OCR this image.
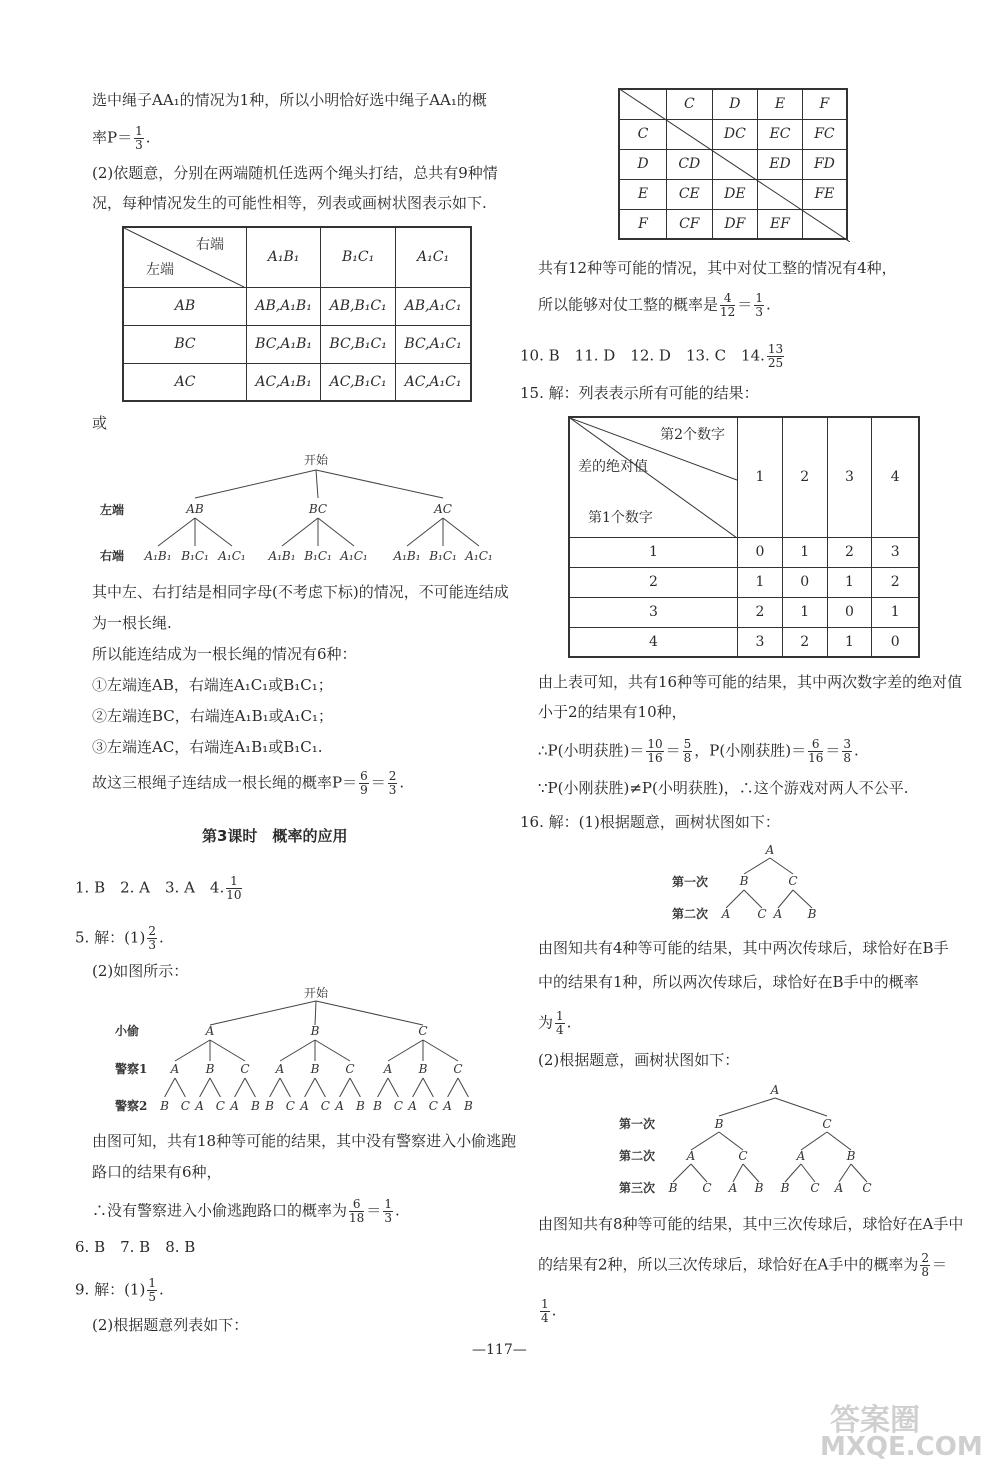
选中绳子AA₁的情况为1种，所以小明恰好选中绳子AA₁的概
率$P= \frac{1}{3}$ .
(2)依题意，分别在两端随机任选两个绳头打结，总共有9种情
况，每种情况发生的可能性相等，列表或画树状图表示如下.
右端
左端	A₁B₁	B₁C₁	A₁C₁
AB	AB,A₁B₁	AB,B₁C₁	AB,A₁C₁
BC	BC,A₁B₁	BC,B₁C₁	BC,A₁C₁
AC	AC,A₁B₁	AC,B₁C₁	AC,A₁C₁
或
开始
左端	AB	BC	AC
右端 A₁B₁ B₁C₁ A₁C₁ A₁B₁ B₁C₁ A₁C₁ A₁B₁ B₁C₁ A₁C₁
其中左、右打结是相同字母(不考虑下标)的情况，不可能连结成
为一根长绳.
所以能连结成为一根长绳的情况有6种：
①左端连AB，右端连A₁C₁或B₁C₁；
②左端连BC，右端连A₁B₁或A₁C₁；
③左端连AC，右端连A₁B₁或B₁C₁.
故这三根绳子连结成一根长绳的概率$P= \frac{6}{9} = \frac{2}{3}$ .
第3课时　概率的应用
1. B　2. A　3. A　4. $\frac{1}{10}$
5. 解：$(1) \frac{2}{3}$ .
(2)如图所示：
开始
小偷	A	B	C
警察1
警察2
A B C A B C A B C
B C A C A B B C A C A B B C A C A B
由图可知，共有18种等可能的结果，其中没有警察进入小偷逃跑
路口的结果有6种，
∴没有警察进入小偷逃跑路口的概率为 $\frac{6}{18} = \frac{1}{3}$ .
6. B　7. B　8. B
9. 解：$(1) \frac{1}{5}$ .
(2)根据题意列表如下：
	C	D	E	F
C		DC	EC	FC
D	CD		ED	FD
E	CE	DE		FE
F	CF	DF	EF	
共有12种等可能的情况，其中对仗工整的情况有4种，
所以能够对仗工整的概率是 $\frac{4}{12} = \frac{1}{3}$ .
10. B　11. D　12. D　13. C　14. $\frac{13}{25}$
15. 解：列表表示所有可能的结果：
第2个数字
差的绝对值
第1个数字	1	2	3	4
1	0	1	2	3
2	1	0	1	2
3	2	1	0	1
4	3	2	1	0
由上表可知，共有16种等可能的结果，其中两次数字差的绝对值
小于2的结果有10种，
∴P(小明获胜)＝ $\frac{10}{16} = \frac{5}{8}$ ，P(小刚获胜)＝ $\frac{6}{16} = \frac{3}{8}$ .
∵P(小刚获胜)≠P(小明获胜)，∴这个游戏对两人不公平.
16. 解：(1)根据题意，画树状图如下：
A
第一次	B	C
第二次 A C A B
由图知共有4种等可能的结果，其中两次传球后，球恰好在B手
中的结果有1种，所以两次传球后，球恰好在B手中的概率
为 $\frac{1}{4}$ .
(2)根据题意，画树状图如下：
A
第一次	B	C
第二次	A	C	A	B
第三次 B C A B B C A C
由图知共有8种等可能的结果，其中三次传球后，球恰好在A手中
的结果有2种，所以三次传球后，球恰好在A手中的概率为 $\frac{2}{8}$ ＝
$\frac{1}{4}$ .
—117—
答案圈
MXQE.COM
